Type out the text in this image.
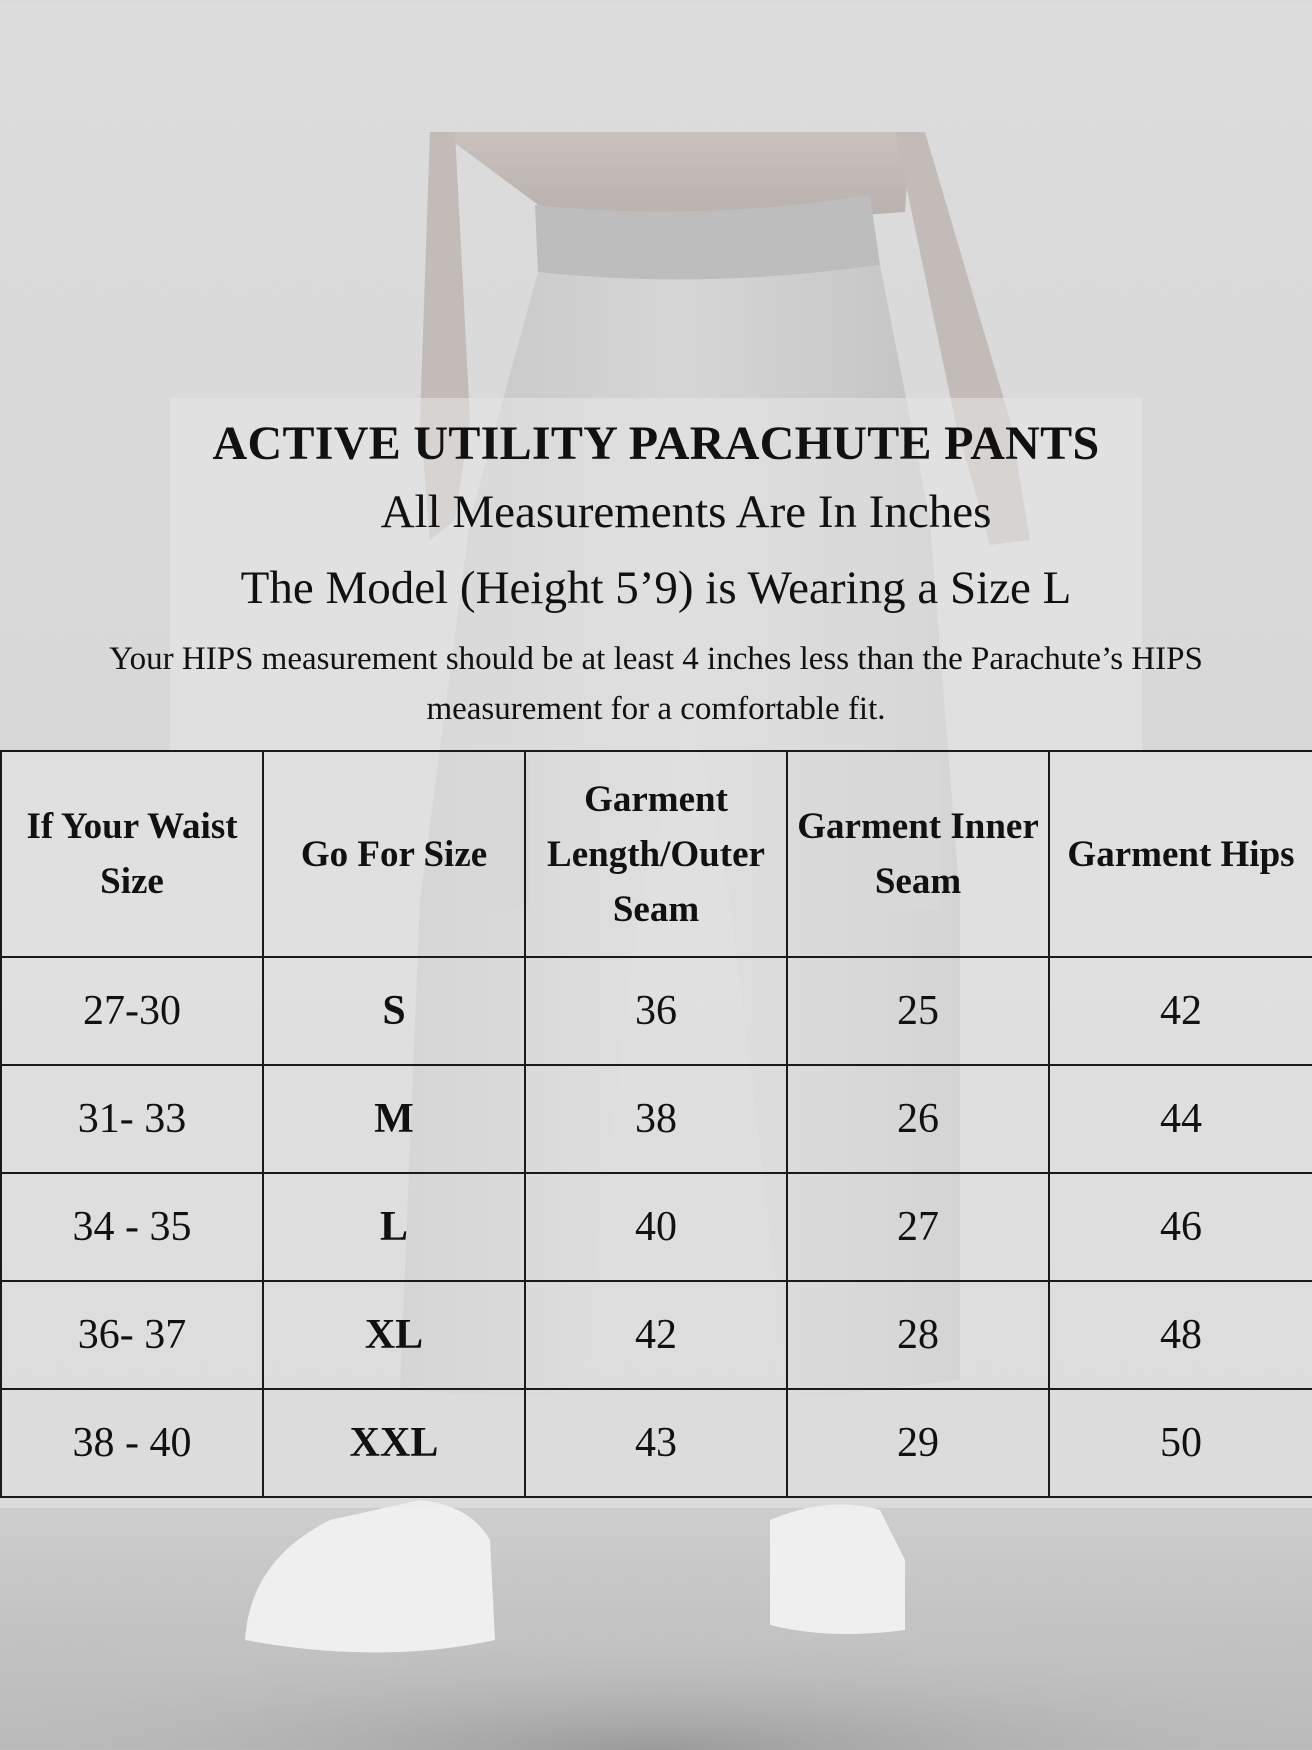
ACTIVE UTILITY PARACHUTE PANTS

All Measurements Are In Inches

The Model (Height 5’9) is Wearing a Size L

Your HIPS measurement should be at least 4 inches less than the Parachute’s HIPS measurement for a comfortable fit.

If Your Waist Size	Go For Size	Garment Length/Outer Seam	Garment Inner Seam	Garment Hips
27-30	S	36	25	42
31- 33	M	38	26	44
34 - 35	L	40	27	46
36- 37	XL	42	28	48
38 - 40	XXL	43	29	50
